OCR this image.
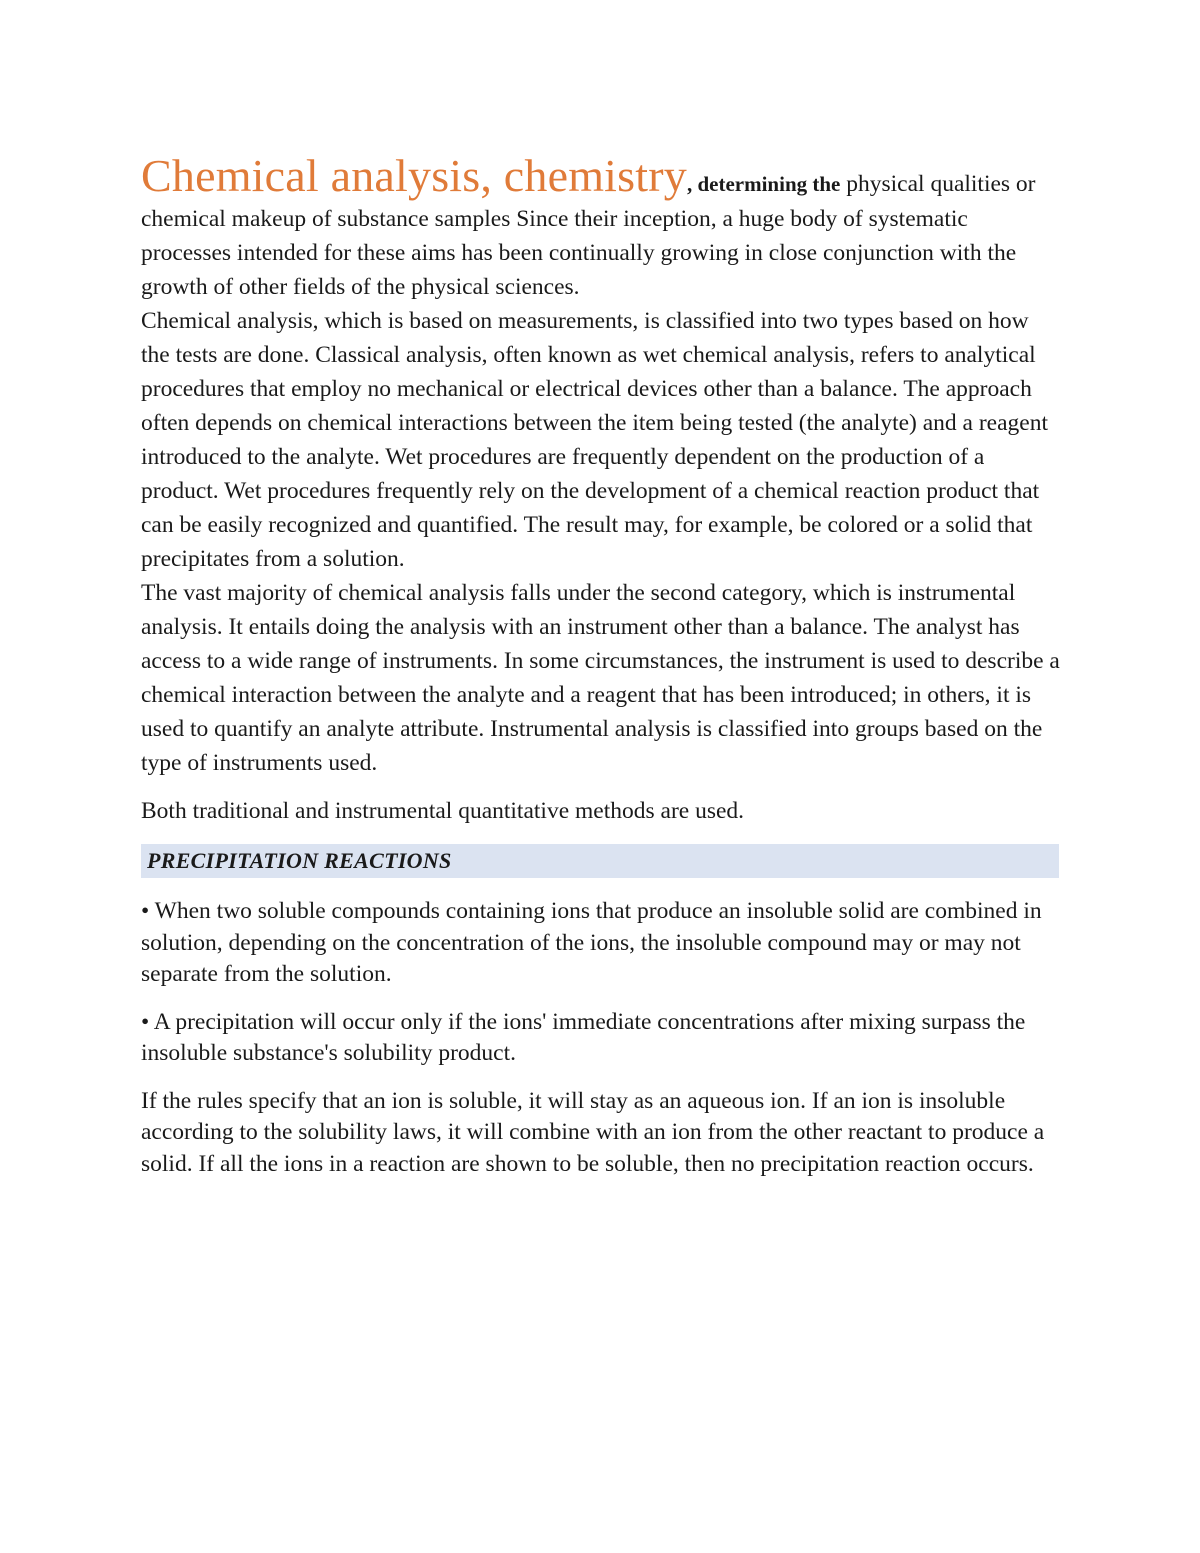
Chemical analysis, chemistry, determining the physical qualities or chemical makeup of substance samples Since their inception, a huge body of systematic processes intended for these aims has been continually growing in close conjunction with the growth of other fields of the physical sciences.

Chemical analysis, which is based on measurements, is classified into two types based on how the tests are done. Classical analysis, often known as wet chemical analysis, refers to analytical procedures that employ no mechanical or electrical devices other than a balance. The approach often depends on chemical interactions between the item being tested (the analyte) and a reagent introduced to the analyte. Wet procedures are frequently dependent on the production of a product. Wet procedures frequently rely on the development of a chemical reaction product that can be easily recognized and quantified. The result may, for example, be colored or a solid that precipitates from a solution.

The vast majority of chemical analysis falls under the second category, which is instrumental analysis. It entails doing the analysis with an instrument other than a balance. The analyst has access to a wide range of instruments. In some circumstances, the instrument is used to describe a chemical interaction between the analyte and a reagent that has been introduced; in others, it is used to quantify an analyte attribute. Instrumental analysis is classified into groups based on the type of instruments used.

Both traditional and instrumental quantitative methods are used.

PRECIPITATION REACTIONS

• When two soluble compounds containing ions that produce an insoluble solid are combined in solution, depending on the concentration of the ions, the insoluble compound may or may not separate from the solution.

• A precipitation will occur only if the ions' immediate concentrations after mixing surpass the insoluble substance's solubility product.

If the rules specify that an ion is soluble, it will stay as an aqueous ion. If an ion is insoluble according to the solubility laws, it will combine with an ion from the other reactant to produce a solid. If all the ions in a reaction are shown to be soluble, then no precipitation reaction occurs.
